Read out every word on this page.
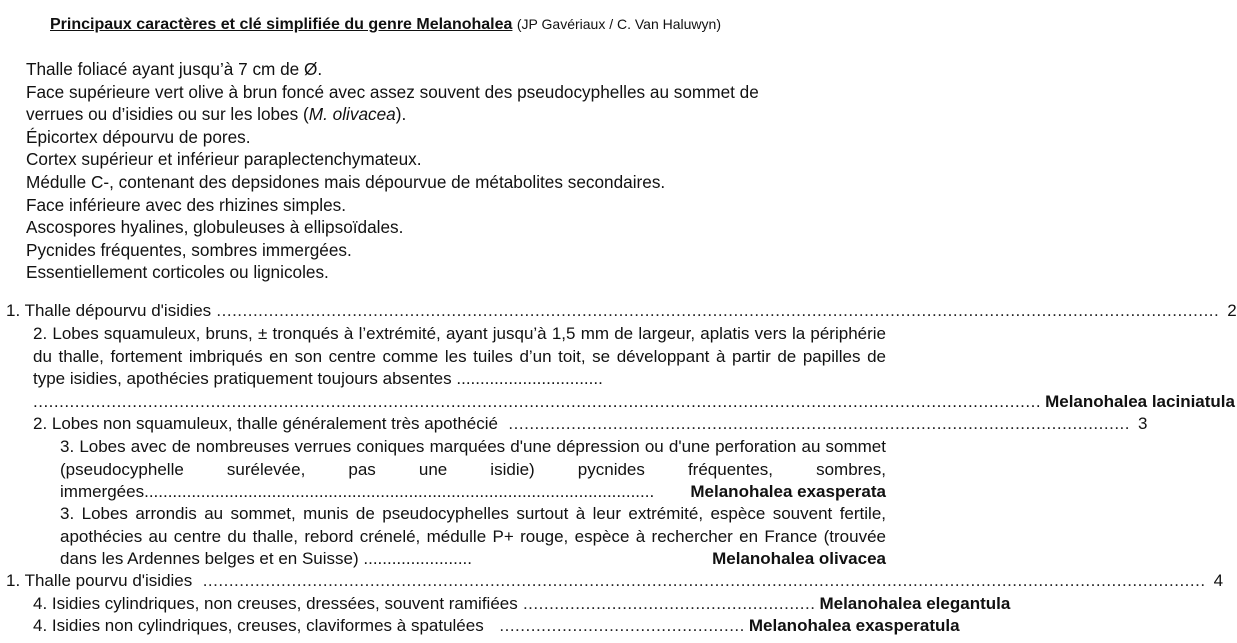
Principaux caractères et clé simplifiée du genre Melanohalea (JP Gavériaux / C. Van Haluwyn)
Thalle foliacé ayant jusqu’à 7 cm de Ø.
Face supérieure vert olive à brun foncé avec assez souvent des pseudocyphelles au sommet de
verrues ou d’isidies ou sur les lobes (M. olivacea).
Épicortex dépourvu de pores.
Cortex supérieur et inférieur paraplectenchymateux.
Médulle C-, contenant des depsidones mais dépourvue de métabolites secondaires.
Face inférieure avec des rhizines simples.
Ascospores hyalines, globuleuses à ellipsoïdales.
Pycnides fréquentes, sombres immergées.
Essentiellement corticoles ou lignicoles.
1. Thalle dépourvu d'isidies ................................................................................................................................................................................................ 2
2. Lobes squamuleux, bruns, ± tronqués à l’extrémité, ayant jusqu’à 1,5 mm de largeur, aplatis vers la périphérie du thalle, fortement imbriqués en son centre comme les tuiles d’un toit, se développant à partir de papilles de type isidies, apothécies pratiquement toujours absentes ...............................
................................................................................................................................................................................................. Melanohalea laciniatula
2. Lobes non squamuleux, thalle généralement très apothécié ....................................................................................................................... 3
3. Lobes avec de nombreuses verrues coniques marquées d'une dépression ou d'une perforation au sommet (pseudocyphelle surélevée, pas une isidie) pycnides fréquentes, sombres, immergées............................................................................................................ Melanohalea exasperata
3. Lobes arrondis au sommet, munis de pseudocyphelles surtout à leur extrémité, espèce souvent fertile, apothécies au centre du thalle, rebord crénelé, médulle P+ rouge, espèce à rechercher en France (trouvée dans les Ardennes belges et en Suisse) .......................	Melanohalea olivacea
1. Thalle pourvu d'isidies ................................................................................................................................................................................................ 4
4. Isidies cylindriques, non creuses, dressées, souvent ramifiées ........................................................ Melanohalea elegantula
4. Isidies non cylindriques, creuses, claviformes à spatulées ............................................... Melanohalea exasperatula
